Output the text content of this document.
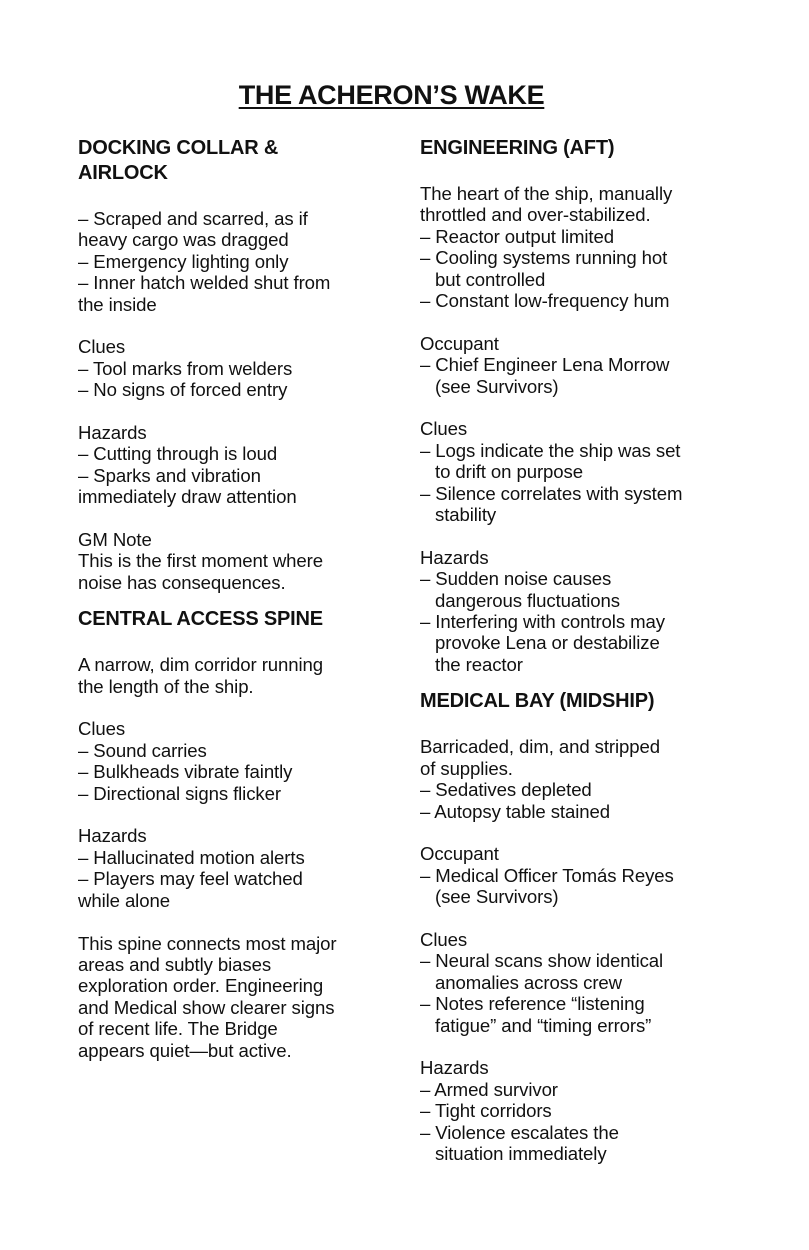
THE ACHERON’S WAKE
DOCKING COLLAR &
AIRLOCK
– Scraped and scarred, as if
heavy cargo was dragged
– Emergency lighting only
– Inner hatch welded shut from
the inside
Clues
– Tool marks from welders
– No signs of forced entry
Hazards
– Cutting through is loud
– Sparks and vibration
immediately draw attention
GM Note
This is the first moment where
noise has consequences.
CENTRAL ACCESS SPINE
A narrow, dim corridor running
the length of the ship.
Clues
– Sound carries
– Bulkheads vibrate faintly
– Directional signs flicker
Hazards
– Hallucinated motion alerts
– Players may feel watched
while alone
This spine connects most major
areas and subtly biases
exploration order. Engineering
and Medical show clearer signs
of recent life. The Bridge
appears quiet—but active.
ENGINEERING (AFT)
The heart of the ship, manually
throttled and over-stabilized.
– Reactor output limited
– Cooling systems running hot
but controlled
– Constant low-frequency hum
Occupant
– Chief Engineer Lena Morrow
(see Survivors)
Clues
– Logs indicate the ship was set
to drift on purpose
– Silence correlates with system
stability
Hazards
– Sudden noise causes
dangerous fluctuations
– Interfering with controls may
provoke Lena or destabilize
the reactor
MEDICAL BAY (MIDSHIP)
Barricaded, dim, and stripped
of supplies.
– Sedatives depleted
– Autopsy table stained
Occupant
– Medical Officer Tomás Reyes
(see Survivors)
Clues
– Neural scans show identical
anomalies across crew
– Notes reference “listening
fatigue” and “timing errors”
Hazards
– Armed survivor
– Tight corridors
– Violence escalates the
situation immediately
